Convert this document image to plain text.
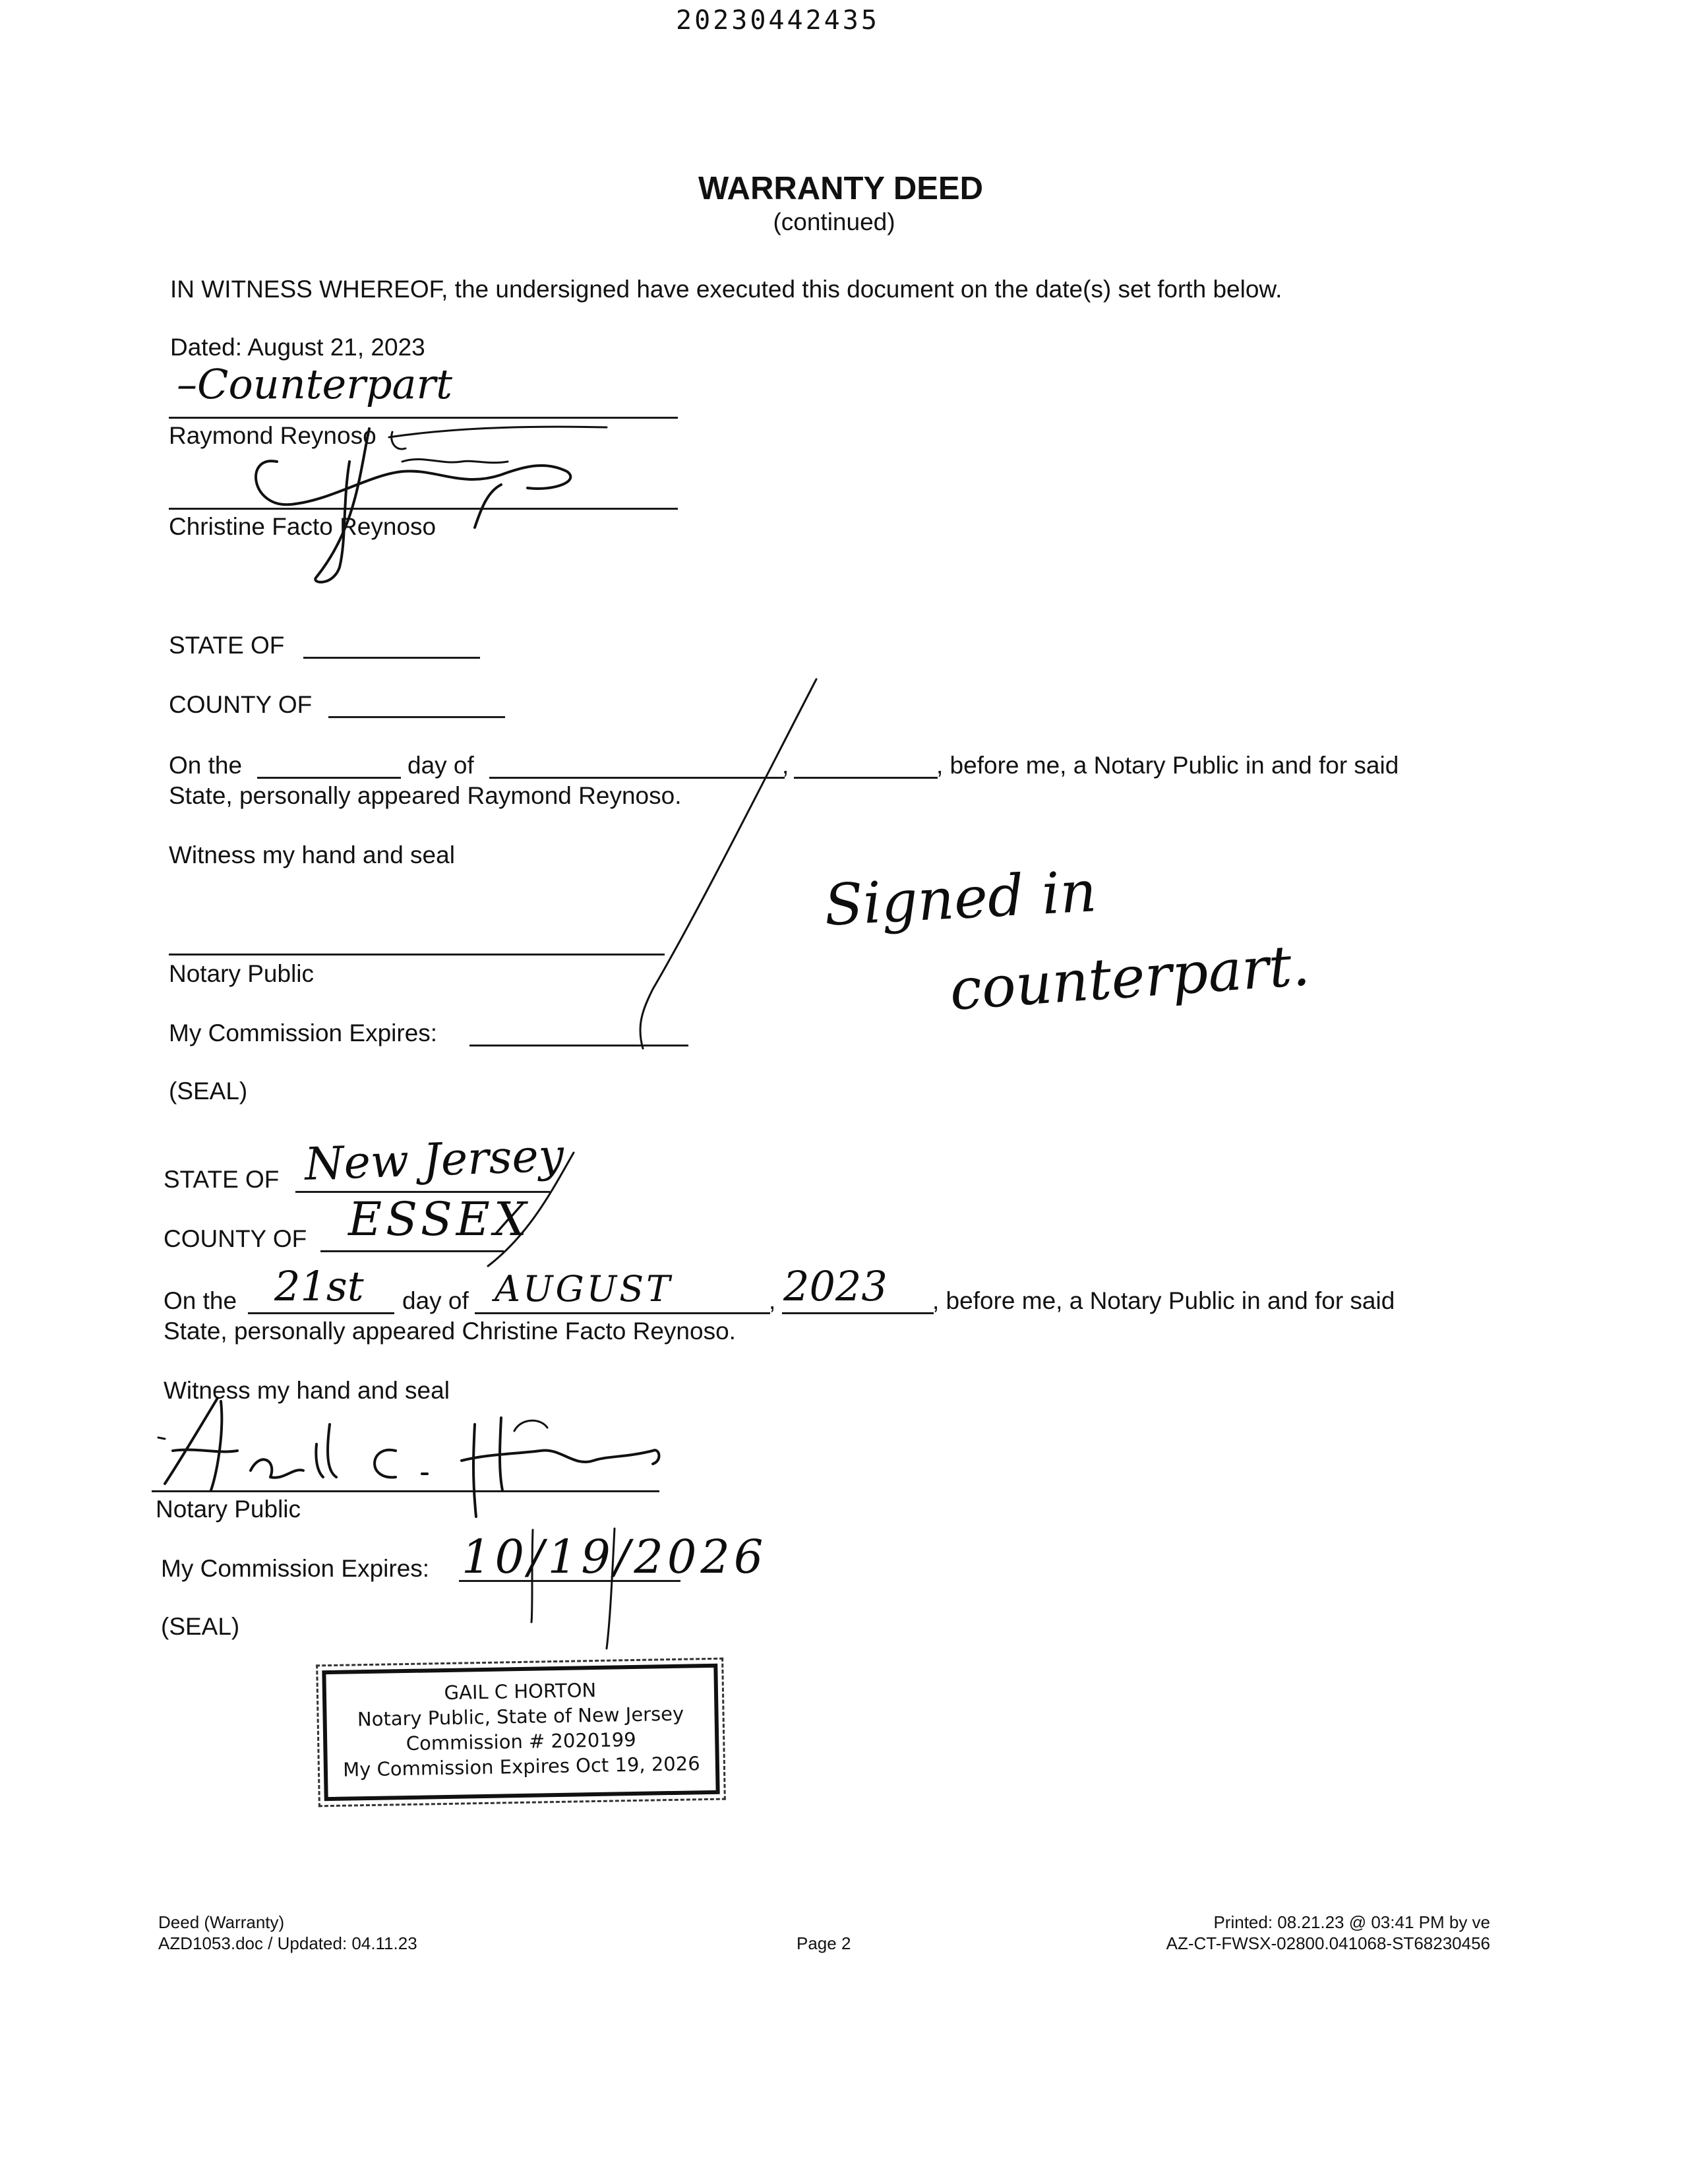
20230442435
WARRANTY DEED
(continued)
IN WITNESS WHEREOF, the undersigned have executed this document on the date(s) set forth below.
Dated: August 21, 2023
–Counterpart
Raymond Reynoso
Christine Facto Reynoso
STATE OF
COUNTY OF
On the	day of	,	, before me, a Notary Public in and for said
State, personally appeared Raymond Reynoso.
Witness my hand and seal
Notary Public
My Commission Expires:
(SEAL)
Signed in
counterpart.
STATE OF New Jersey
COUNTY OF ESSEX
On the 21st day of AUGUST	, 2023 , before me, a Notary Public in and for said
State, personally appeared Christine Facto Reynoso.
Witness my hand and seal
Notary Public
My Commission Expires: 10/19/2026
(SEAL)
GAIL C HORTON
Notary Public, State of New Jersey
Commission # 2020199
My Commission Expires Oct 19, 2026
Deed (Warranty)
AZD1053.doc / Updated: 04.11.23	Page 2
Printed: 08.21.23 @ 03:41 PM by ve
AZ-CT-FWSX-02800.041068-ST68230456
